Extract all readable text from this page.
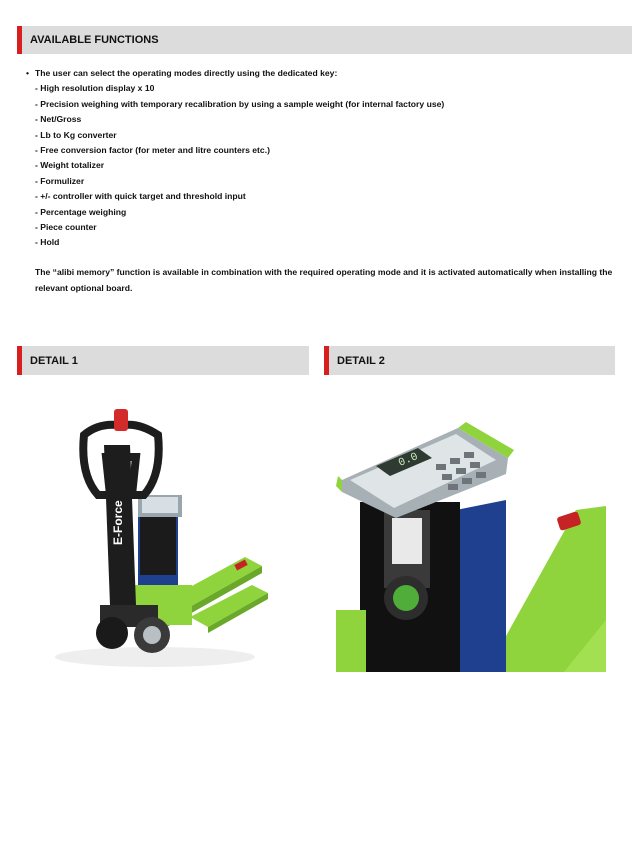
AVAILABLE FUNCTIONS
• The user can select the operating modes directly using the dedicated key:
- High resolution display x 10
- Precision weighing with temporary recalibration by using a sample weight (for internal factory use)
- Net/Gross
- Lb to Kg converter
- Free conversion factor (for meter and litre counters etc.)
- Weight totalizer
- Formulizer
- +/- controller with quick target and threshold input
- Percentage weighing
- Piece counter
- Hold
The “alibi memory” function is available in combination with the required operating mode and it is activated automatically when installing the relevant optional board.
DETAIL 1	DETAIL 2
E-Force
0.0
